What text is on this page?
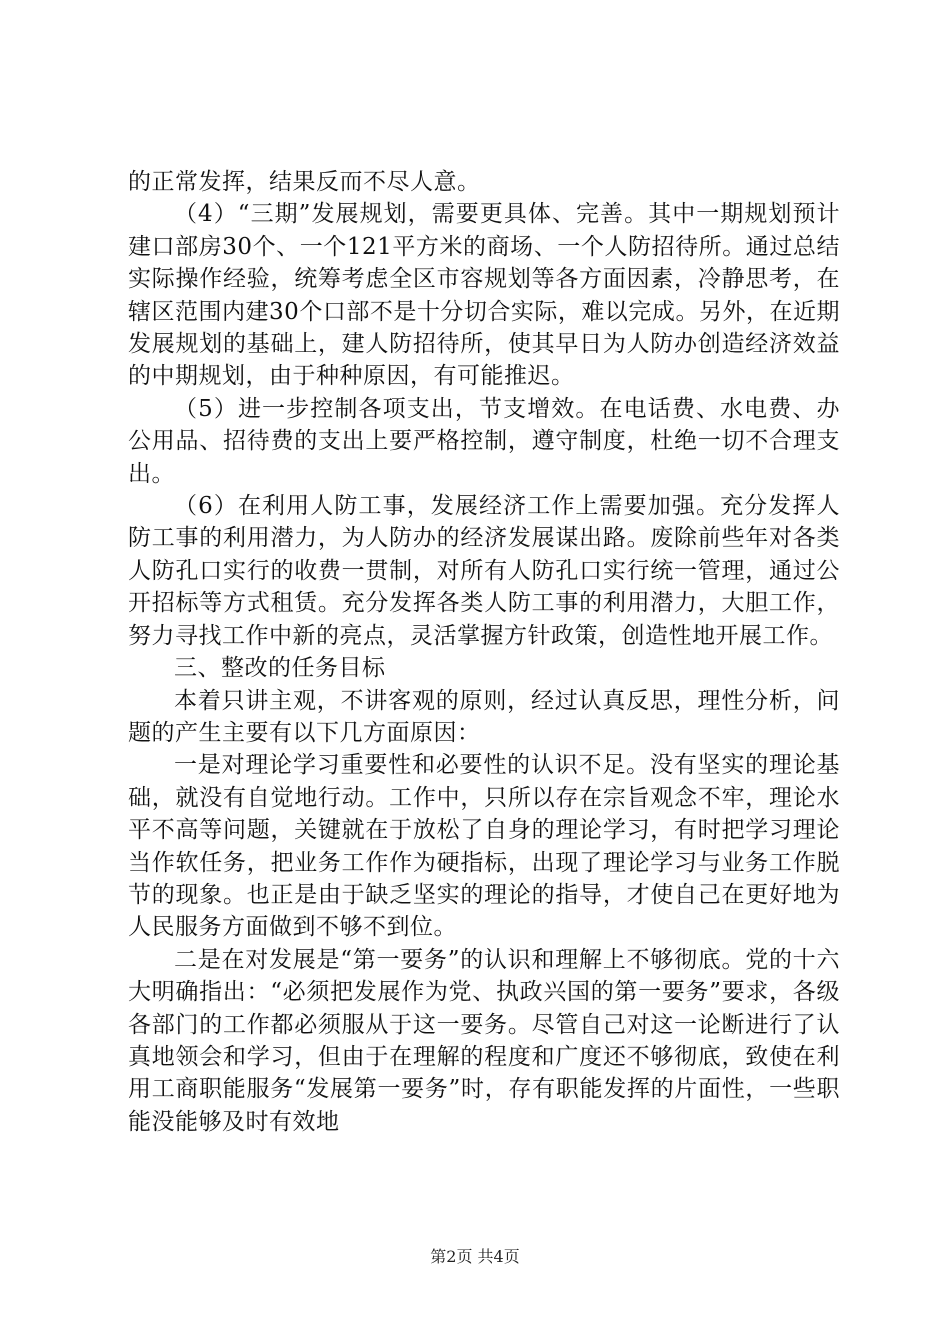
的正常发挥，结果反而不尽人意。

（4）“三期”发展规划，需要更具体、完善。其中一期规划预计建口部房30个、一个121平方米的商场、一个人防招待所。通过总结实际操作经验，统筹考虑全区市容规划等各方面因素，冷静思考，在辖区范围内建30个口部不是十分切合实际，难以完成。另外，在近期发展规划的基础上，建人防招待所，使其早日为人防办创造经济效益的中期规划，由于种种原因，有可能推迟。

（5）进一步控制各项支出，节支增效。在电话费、水电费、办公用品、招待费的支出上要严格控制，遵守制度，杜绝一切不合理支出。

（6）在利用人防工事，发展经济工作上需要加强。充分发挥人防工事的利用潜力，为人防办的经济发展谋出路。废除前些年对各类人防孔口实行的收费一贯制，对所有人防孔口实行统一管理，通过公开招标等方式租赁。充分发挥各类人防工事的利用潜力，大胆工作，努力寻找工作中新的亮点，灵活掌握方针政策，创造性地开展工作。

三、整改的任务目标

本着只讲主观，不讲客观的原则，经过认真反思，理性分析，问题的产生主要有以下几方面原因：

一是对理论学习重要性和必要性的认识不足。没有坚实的理论基础，就没有自觉地行动。工作中，只所以存在宗旨观念不牢，理论水平不高等问题，关键就在于放松了自身的理论学习，有时把学习理论当作软任务，把业务工作作为硬指标，出现了理论学习与业务工作脱节的现象。也正是由于缺乏坚实的理论的指导，才使自己在更好地为人民服务方面做到不够不到位。

二是在对发展是“第一要务”的认识和理解上不够彻底。党的十六大明确指出：“必须把发展作为党、执政兴国的第一要务”要求，各级各部门的工作都必须服从于这一要务。尽管自己对这一论断进行了认真地领会和学习，但由于在理解的程度和广度还不够彻底，致使在利用工商职能服务“发展第一要务”时，存有职能发挥的片面性，一些职能没能够及时有效地

第2页 共4页
